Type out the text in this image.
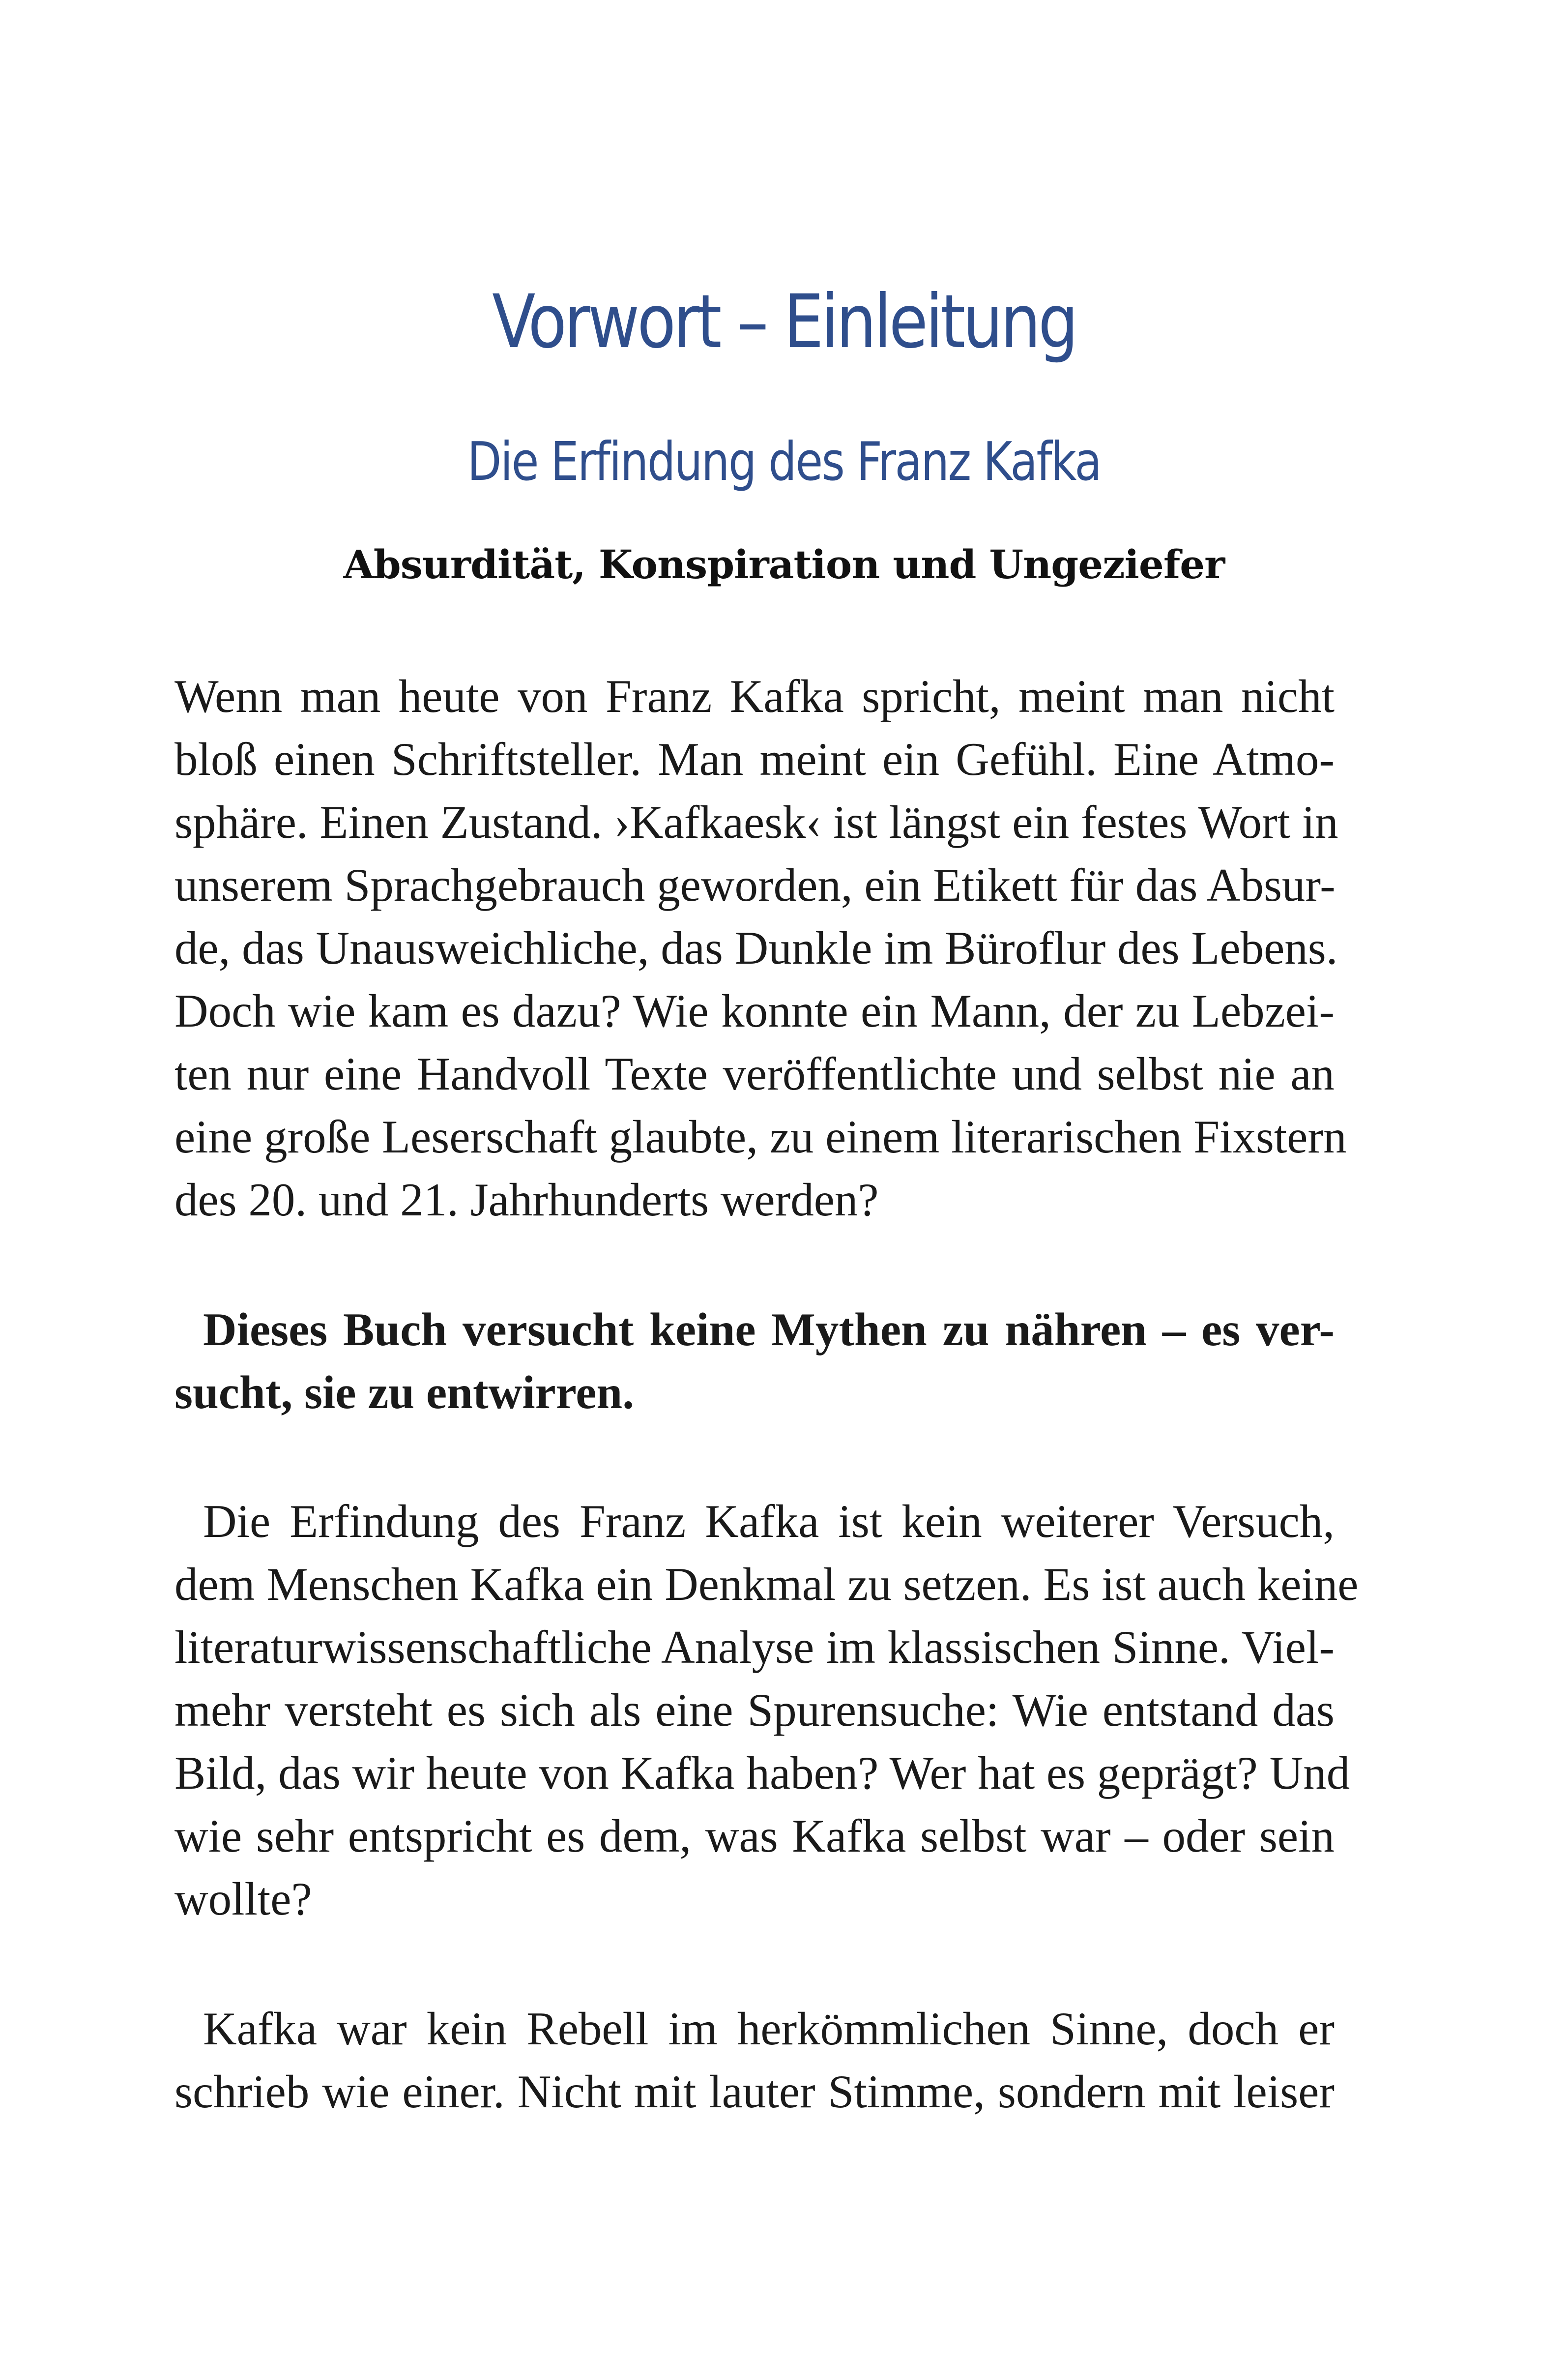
Vorwort – Einleitung
Die Erfindung des Franz Kafka
Absurdität, Konspiration und Ungeziefer
Wenn man heute von Franz Kafka spricht, meint man nicht
bloß einen Schriftsteller. Man meint ein Gefühl. Eine Atmo-
sphäre. Einen Zustand. ›Kafkaesk‹ ist längst ein festes Wort in
unserem Sprachgebrauch geworden, ein Etikett für das Absur-
de, das Unausweichliche, das Dunkle im Büroflur des Lebens.
Doch wie kam es dazu? Wie konnte ein Mann, der zu Lebzei-
ten nur eine Handvoll Texte veröffentlichte und selbst nie an
eine große Leserschaft glaubte, zu einem literarischen Fixstern
des 20. und 21. Jahrhunderts werden?
Dieses Buch versucht keine Mythen zu nähren – es ver-
sucht, sie zu entwirren.
Die Erfindung des Franz Kafka ist kein weiterer Versuch,
dem Menschen Kafka ein Denkmal zu setzen. Es ist auch keine
literaturwissenschaftliche Analyse im klassischen Sinne. Viel-
mehr versteht es sich als eine Spurensuche: Wie entstand das
Bild, das wir heute von Kafka haben? Wer hat es geprägt? Und
wie sehr entspricht es dem, was Kafka selbst war – oder sein
wollte?
Kafka war kein Rebell im herkömmlichen Sinne, doch er
schrieb wie einer. Nicht mit lauter Stimme, sondern mit leiser
